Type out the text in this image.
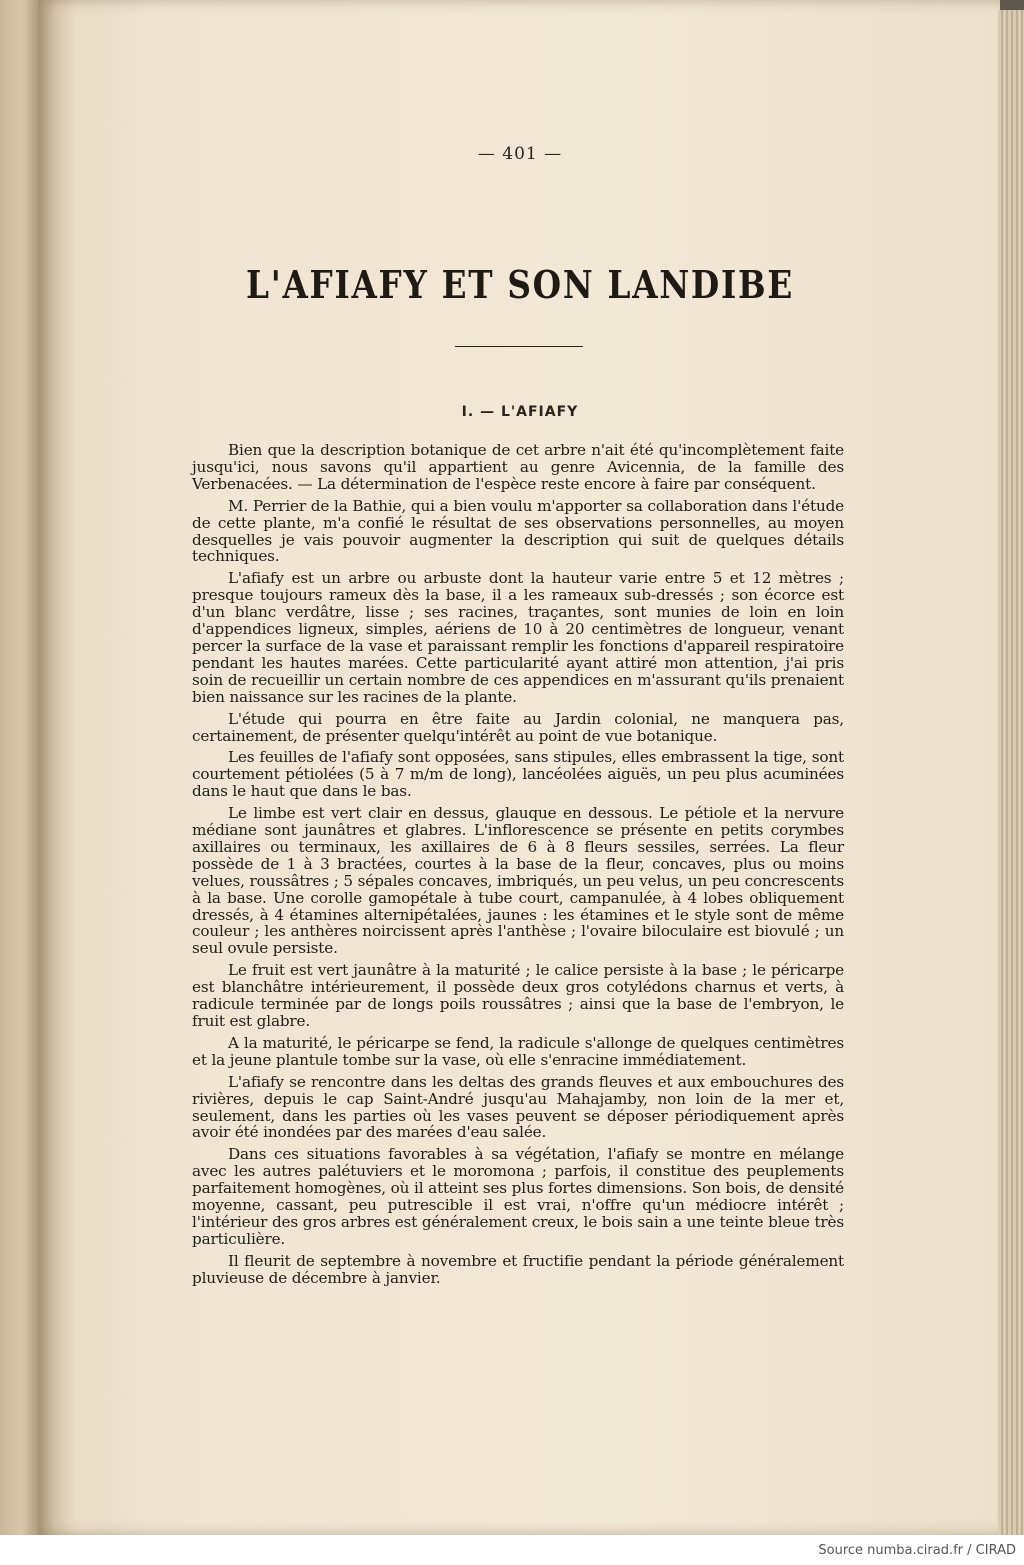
— 401 —
L'AFIAFY ET SON LANDIBE
I. — L'AFIAFY

Bien que la description botanique de cet arbre n'ait été qu'incomplètement faite jusqu'ici, nous savons qu'il appartient au genre Avicennia, de la famille des Verbenacées. — La détermination de l'espèce reste encore à faire par conséquent.

M. Perrier de la Bathie, qui a bien voulu m'apporter sa collaboration dans l'étude de cette plante, m'a confié le résultat de ses observations personnelles, au moyen desquelles je vais pouvoir augmenter la description qui suit de quelques détails techniques.

L'afiafy est un arbre ou arbuste dont la hauteur varie entre 5 et 12 mètres ; presque toujours rameux dès la base, il a les rameaux sub-dressés ; son écorce est d'un blanc verdâtre, lisse ; ses racines, traçantes, sont munies de loin en loin d'appendices ligneux, simples, aériens de 10 à 20 centimètres de longueur, venant percer la surface de la vase et paraissant remplir les fonctions d'appareil respiratoire pendant les hautes marées. Cette particularité ayant attiré mon attention, j'ai pris soin de recueillir un certain nombre de ces appendices en m'assurant qu'ils prenaient bien naissance sur les racines de la plante.

L'étude qui pourra en être faite au Jardin colonial, ne manquera pas, certainement, de présenter quelqu'intérêt au point de vue botanique.

Les feuilles de l'afiafy sont opposées, sans stipules, elles embrassent la tige, sont courtement pétiolées (5 à 7 m/m de long), lancéolées aiguës, un peu plus acuminées dans le haut que dans le bas.

Le limbe est vert clair en dessus, glauque en dessous. Le pétiole et la nervure médiane sont jaunâtres et glabres. L'inflorescence se présente en petits corymbes axillaires ou terminaux, les axillaires de 6 à 8 fleurs sessiles, serrées. La fleur possède de 1 à 3 bractées, courtes à la base de la fleur, concaves, plus ou moins velues, roussâtres ; 5 sépales concaves, imbriqués, un peu velus, un peu concrescents à la base. Une corolle gamopétale à tube court, campanulée, à 4 lobes obliquement dressés, à 4 étamines alternipétalées, jaunes : les étamines et le style sont de même couleur ; les anthères noircissent après l'anthèse ; l'ovaire biloculaire est biovulé ; un seul ovule persiste.

Le fruit est vert jaunâtre à la maturité ; le calice persiste à la base ; le péricarpe est blanchâtre intérieurement, il possède deux gros cotylédons charnus et verts, à radicule terminée par de longs poils roussâtres ; ainsi que la base de l'embryon, le fruit est glabre.

A la maturité, le péricarpe se fend, la radicule s'allonge de quelques centimètres et la jeune plantule tombe sur la vase, où elle s'enracine immédiatement.

L'afiafy se rencontre dans les deltas des grands fleuves et aux embouchures des rivières, depuis le cap Saint-André jusqu'au Mahajamby, non loin de la mer et, seulement, dans les parties où les vases peuvent se déposer périodiquement après avoir été inondées par des marées d'eau salée.

Dans ces situations favorables à sa végétation, l'afiafy se montre en mélange avec les autres palétuviers et le moromona ; parfois, il constitue des peuplements parfaitement homogènes, où il atteint ses plus fortes dimensions. Son bois, de densité moyenne, cassant, peu putrescible il est vrai, n'offre qu'un médiocre intérêt ; l'intérieur des gros arbres est généralement creux, le bois sain a une teinte bleue très particulière.

Il fleurit de septembre à novembre et fructifie pendant la période généralement pluvieuse de décembre à janvier.

Source numba.cirad.fr / CIRAD
